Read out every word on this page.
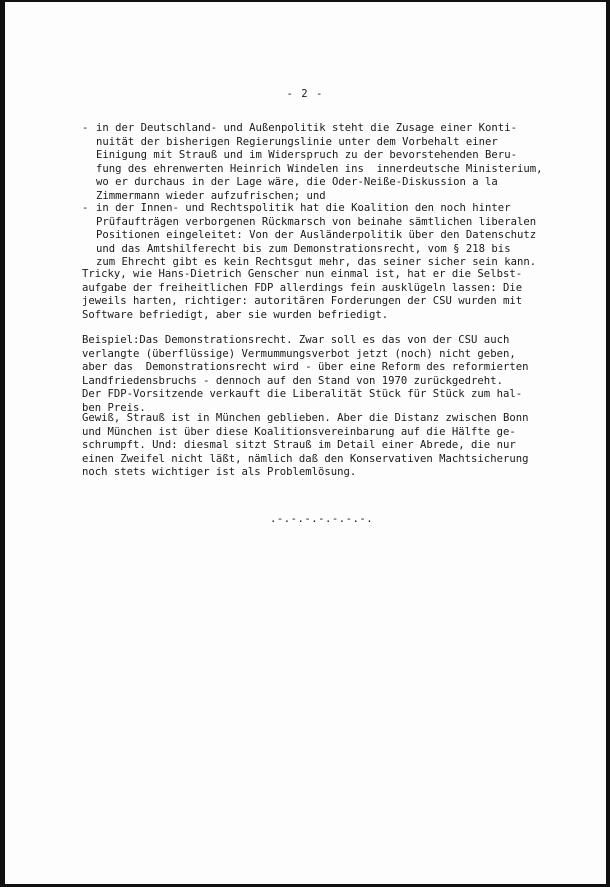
- 2 -
- in der Deutschland- und Außenpolitik steht die Zusage einer Konti-
nuität der bisherigen Regierungslinie unter dem Vorbehalt einer
Einigung mit Strauß und im Widerspruch zu der bevorstehenden Beru-
fung des ehrenwerten Heinrich Windelen ins  innerdeutsche Ministerium,
wo er durchaus in der Lage wäre, die Oder-Neiße-Diskussion a la
Zimmermann wieder aufzufrischen; und
- in der Innen- und Rechtspolitik hat die Koalition den noch hinter
Prüfaufträgen verborgenen Rückmarsch von beinahe sämtlichen liberalen
Positionen eingeleitet: Von der Ausländerpolitik über den Datenschutz
und das Amtshilferecht bis zum Demonstrationsrecht, vom § 218 bis
zum Ehrecht gibt es kein Rechtsgut mehr, das seiner sicher sein kann.
Tricky, wie Hans-Dietrich Genscher nun einmal ist, hat er die Selbst-
aufgabe der freiheitlichen FDP allerdings fein ausklügeln lassen: Die
jeweils harten, richtiger: autoritären Forderungen der CSU wurden mit
Software befriedigt, aber sie wurden befriedigt.
Beispiel:Das Demonstrationsrecht. Zwar soll es das von der CSU auch
verlangte (überflüssige) Vermummungsverbot jetzt (noch) nicht geben,
aber das  Demonstrationsrecht wird - über eine Reform des reformierten
Landfriedensbruchs - dennoch auf den Stand von 1970 zurückgedreht.
Der FDP-Vorsitzende verkauft die Liberalität Stück für Stück zum hal-
ben Preis.
Gewiß, Strauß ist in München geblieben. Aber die Distanz zwischen Bonn
und München ist über diese Koalitionsvereinbarung auf die Hälfte ge-
schrumpft. Und: diesmal sitzt Strauß im Detail einer Abrede, die nur
einen Zweifel nicht läßt, nämlich daß den Konservativen Machtsicherung
noch stets wichtiger ist als Problemlösung.
.-.-.-.-.-.-.-.
